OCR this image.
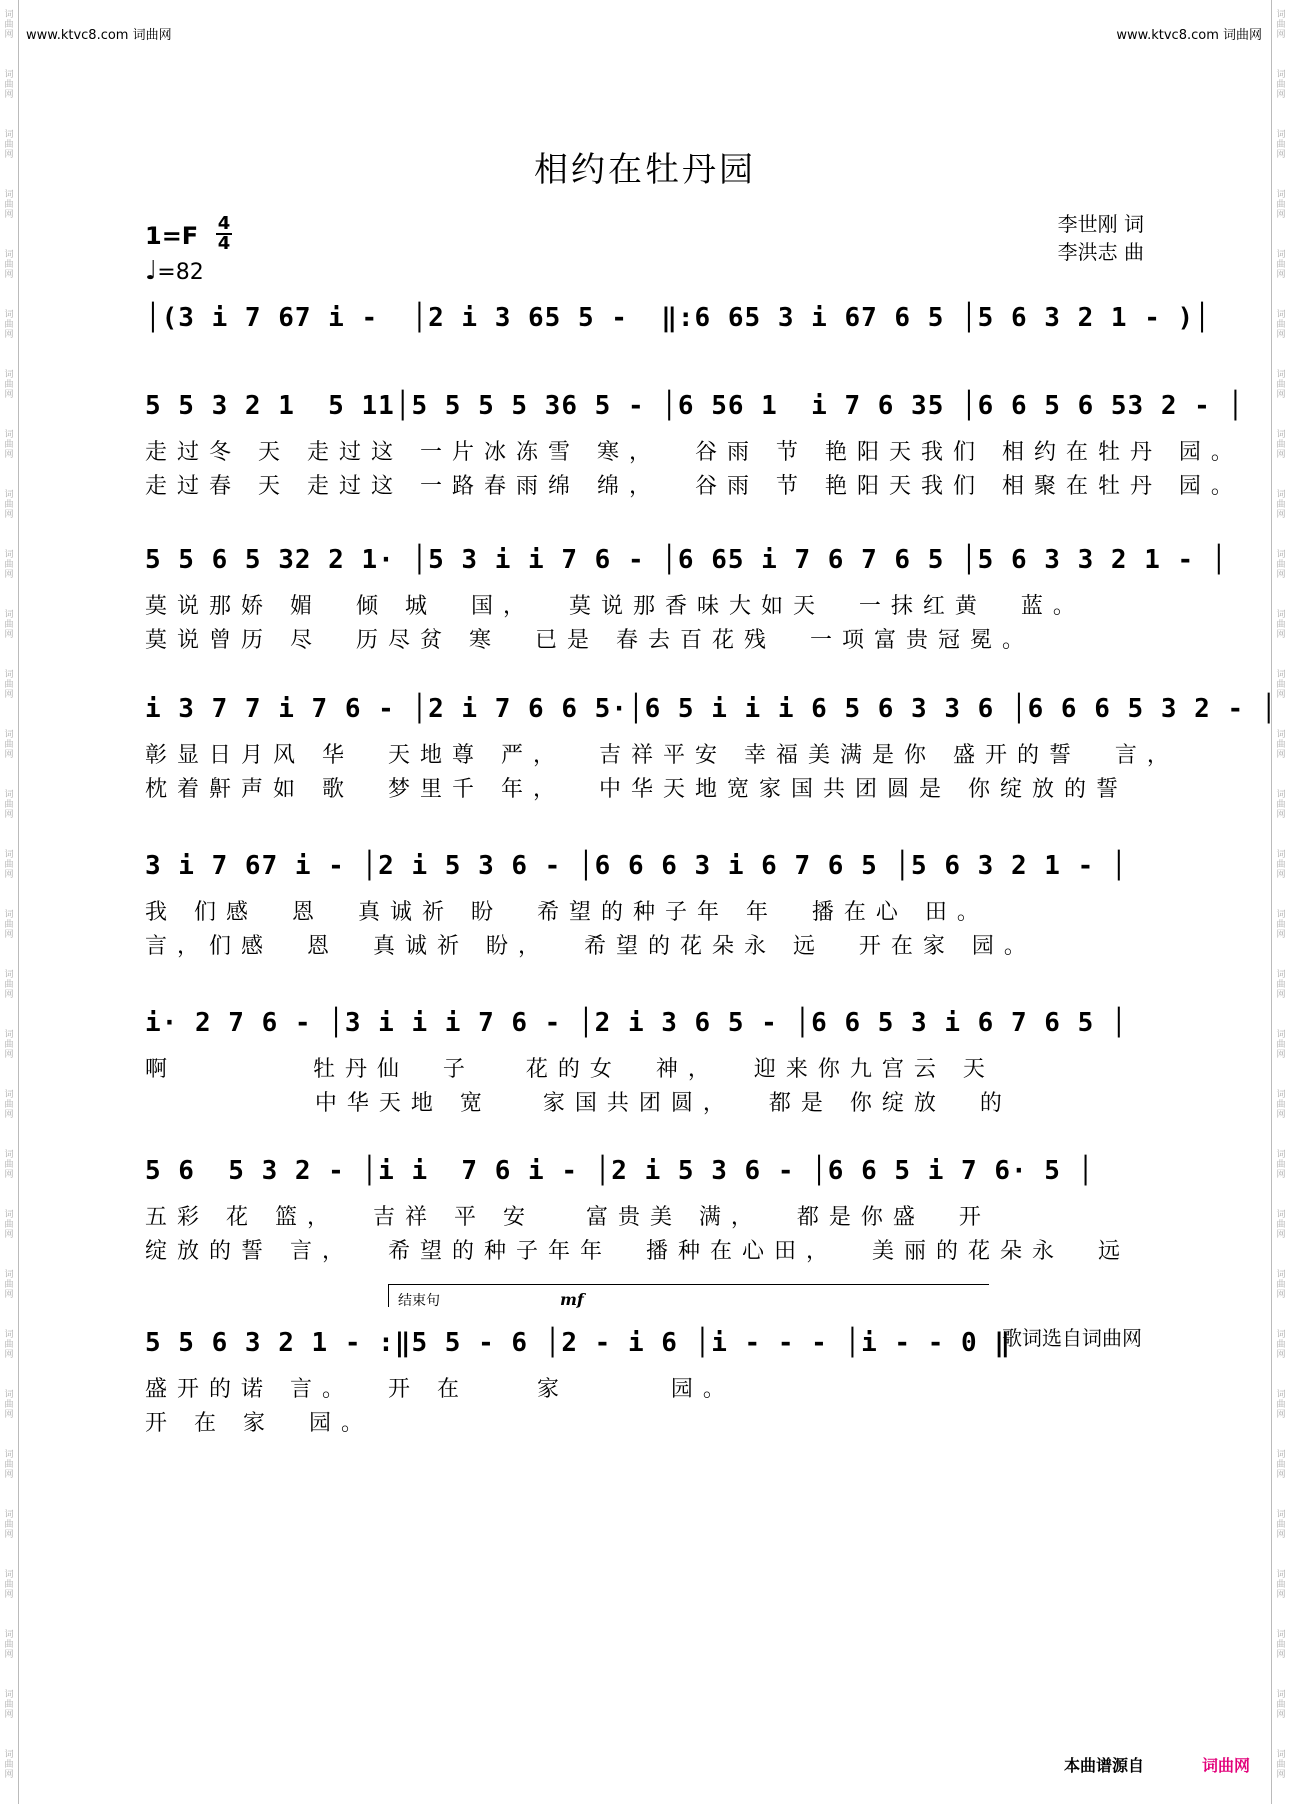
词
曲
网
词
曲
网
词
曲
网
词
曲
网
词
曲
网
词
曲
网
词
曲
网
词
曲
网
词
曲
网
词
曲
网
词
曲
网
词
曲
网
词
曲
网
词
曲
网
词
曲
网
词
曲
网
词
曲
网
词
曲
网
词
曲
网
词
曲
网
词
曲
网
词
曲
网
词
曲
网
词
曲
网
词
曲
网
词
曲
网
词
曲
网
词
曲
网
词
曲
网
词
曲
网
词
曲
网
词
曲
网
词
曲
网
词
曲
网
词
曲
网
词
曲
网
词
曲
网
词
曲
网
词
曲
网
词
曲
网
词
曲
网
词
曲
网
词
曲
网
词
曲
网
词
曲
网
词
曲
网
词
曲
网
词
曲
网
词
曲
网
词
曲
网
词
曲
网
词
曲
网
词
曲
网
词
曲
网
词
曲
网
词
曲
网
词
曲
网
词
曲
网
词
曲
网
词
曲
网
www.ktvc8.com 词曲网	www.ktvc8.com 词曲网
相约在牡丹园
李世刚 词
李洪志 曲
1=F 4
4
♩=82
│(3 i 7 67 i -  │2 i 3 65 5 -  ‖:6 65 3 i 67 6 5 │5 6 3 2 1 - )│
5 5 3 2 1  5 11│5 5 5 5 36 5 - │6 56 1  i 7 6 35 │6 6 5 6 53 2 - │
走过冬 天 走过这 一片冰冻雪 寒，  谷雨 节 艳阳天我们 相约在牡丹 园。
走过春 天 走过这 一路春雨绵 绵，  谷雨 节 艳阳天我们 相聚在牡丹 园。
5 5 6 5 32 2 1· │5 3 i i 7 6 - │6 65 i 7 6 7 6 5 │5 6 3 3 2 1 - │
莫说那娇 媚  倾 城  国，  莫说那香味大如天  一抹红黄  蓝。
莫说曾历 尽  历尽贫 寒  已是 春去百花残  一项富贵冠冕。
i 3 7 7 i 7 6 - │2 i 7 6 6 5·│6 5 i i i 6 5 6 3 3 6 │6 6 6 5 3 2 - │
彰显日月风 华  天地尊 严，  吉祥平安 幸福美满是你 盛开的誓  言，
枕着鼾声如 歌  梦里千 年，  中华天地宽家国共团圆是 你绽放的誓
3 i 7 67 i - │2 i 5 3 6 - │6 6 6 3 i 6 7 6 5 │5 6 3 2 1 - │
我 们感  恩  真诚祈 盼  希望的种子年 年  播在心 田。
言，们感  恩  真诚祈 盼，  希望的花朵永 远  开在家 园。
i· 2 7 6 - │3 i i i 7 6 - │2 i 3 6 5 - │6 6 5 3 i 6 7 6 5 │
啊        牡丹仙  子   花的女  神，  迎来你九宫云 天
中华天地 宽   家国共团圆，  都是 你绽放  的
5 6  5 3 2 - │i i  7 6 i - │2 i 5 3 6 - │6 6 5 i 7 6· 5 │
五彩 花 篮，  吉祥 平 安   富贵美 满，  都是你盛  开
绽放的誓 言，  希望的种子年年  播种在心田，  美丽的花朵永  远
5 5 6 3 2 1 - :‖5 5 - 6 │2 - i 6 │i - - - │i - - 0 ‖
盛开的诺 言。  开 在    家      园。
开 在 家  园。
结束句	mf
歌词选自词曲网
本曲谱源自	词曲网
